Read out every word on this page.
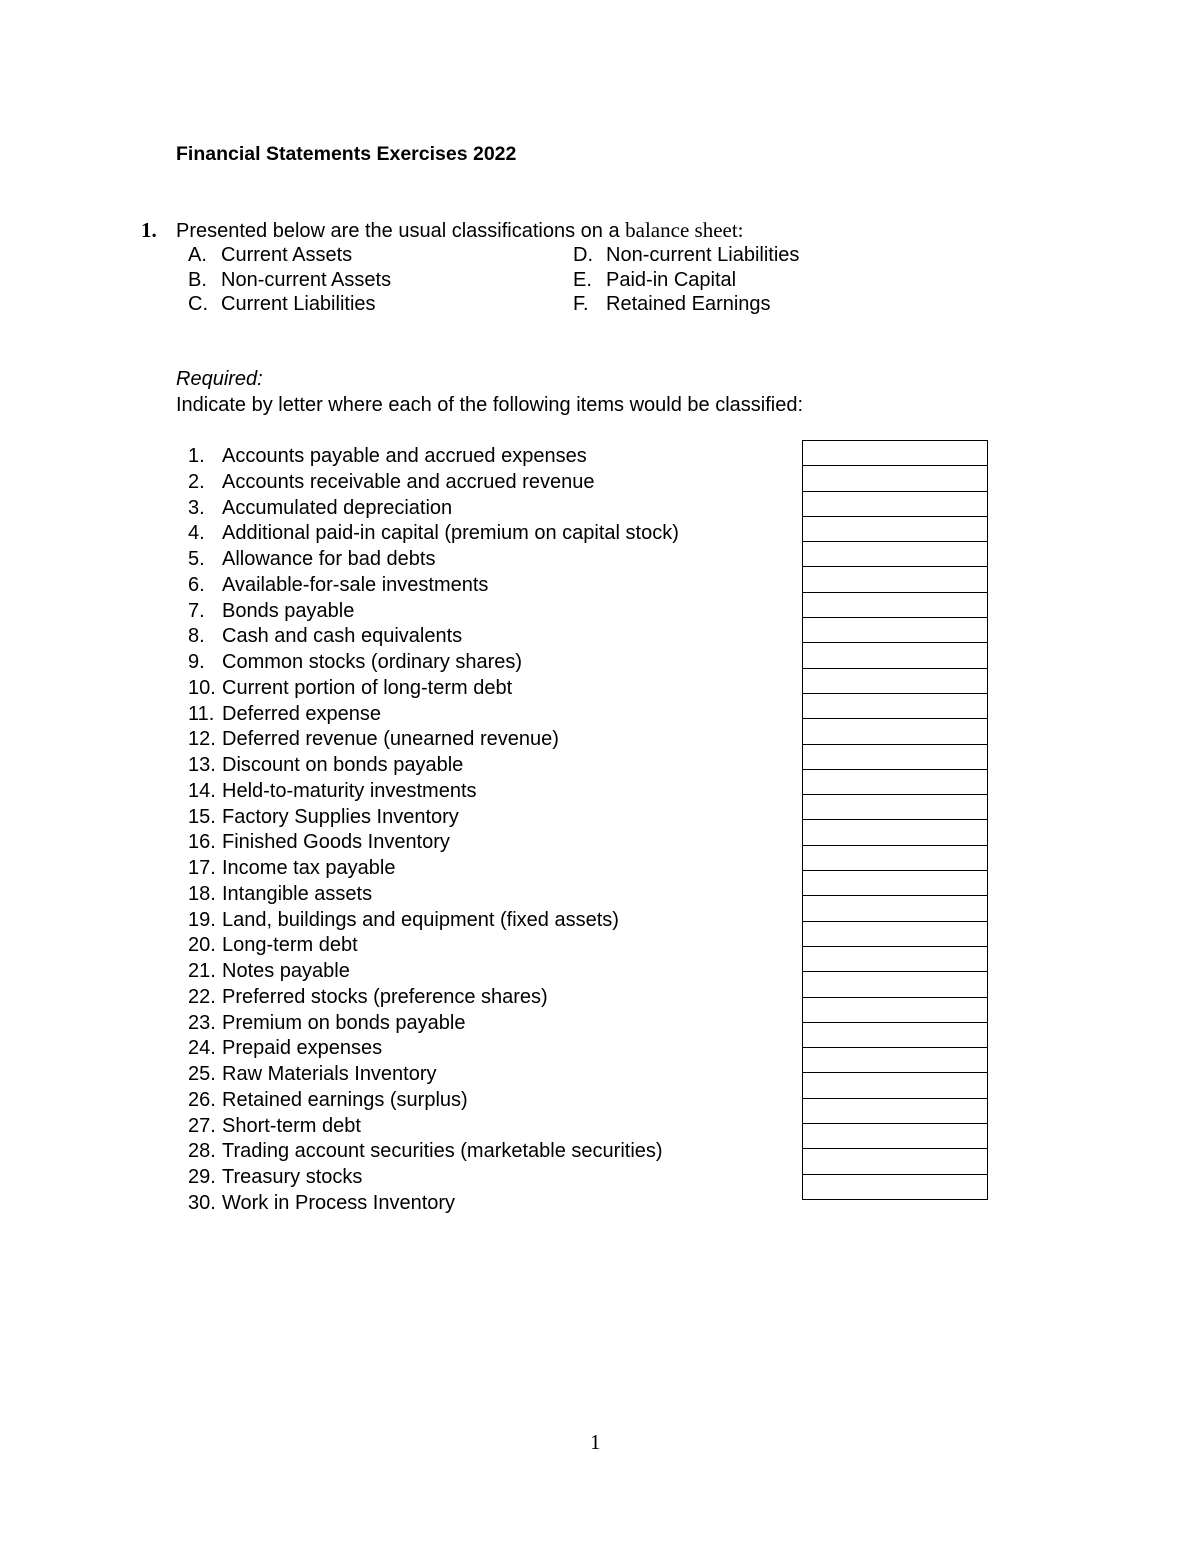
Financial Statements Exercises 2022
1. Presented below are the usual classifications on a balance sheet:
A. Current Assets
B. Non-current Assets
C. Current Liabilities
D. Non-current Liabilities
E. Paid-in Capital
F. Retained Earnings
Required:
Indicate by letter where each of the following items would be classified:
1. Accounts payable and accrued expenses
2. Accounts receivable and accrued revenue
3. Accumulated depreciation
4. Additional paid-in capital (premium on capital stock)
5. Allowance for bad debts
6. Available-for-sale investments
7. Bonds payable
8. Cash and cash equivalents
9. Common stocks (ordinary shares)
10. Current portion of long-term debt
11. Deferred expense
12. Deferred revenue (unearned revenue)
13. Discount on bonds payable
14. Held-to-maturity investments
15. Factory Supplies Inventory
16. Finished Goods Inventory
17. Income tax payable
18. Intangible assets
19. Land, buildings and equipment (fixed assets)
20. Long-term debt
21. Notes payable
22. Preferred stocks (preference shares)
23. Premium on bonds payable
24. Prepaid expenses
25. Raw Materials Inventory
26. Retained earnings (surplus)
27. Short-term debt
28. Trading account securities (marketable securities)
29. Treasury stocks
30. Work in Process Inventory
1
